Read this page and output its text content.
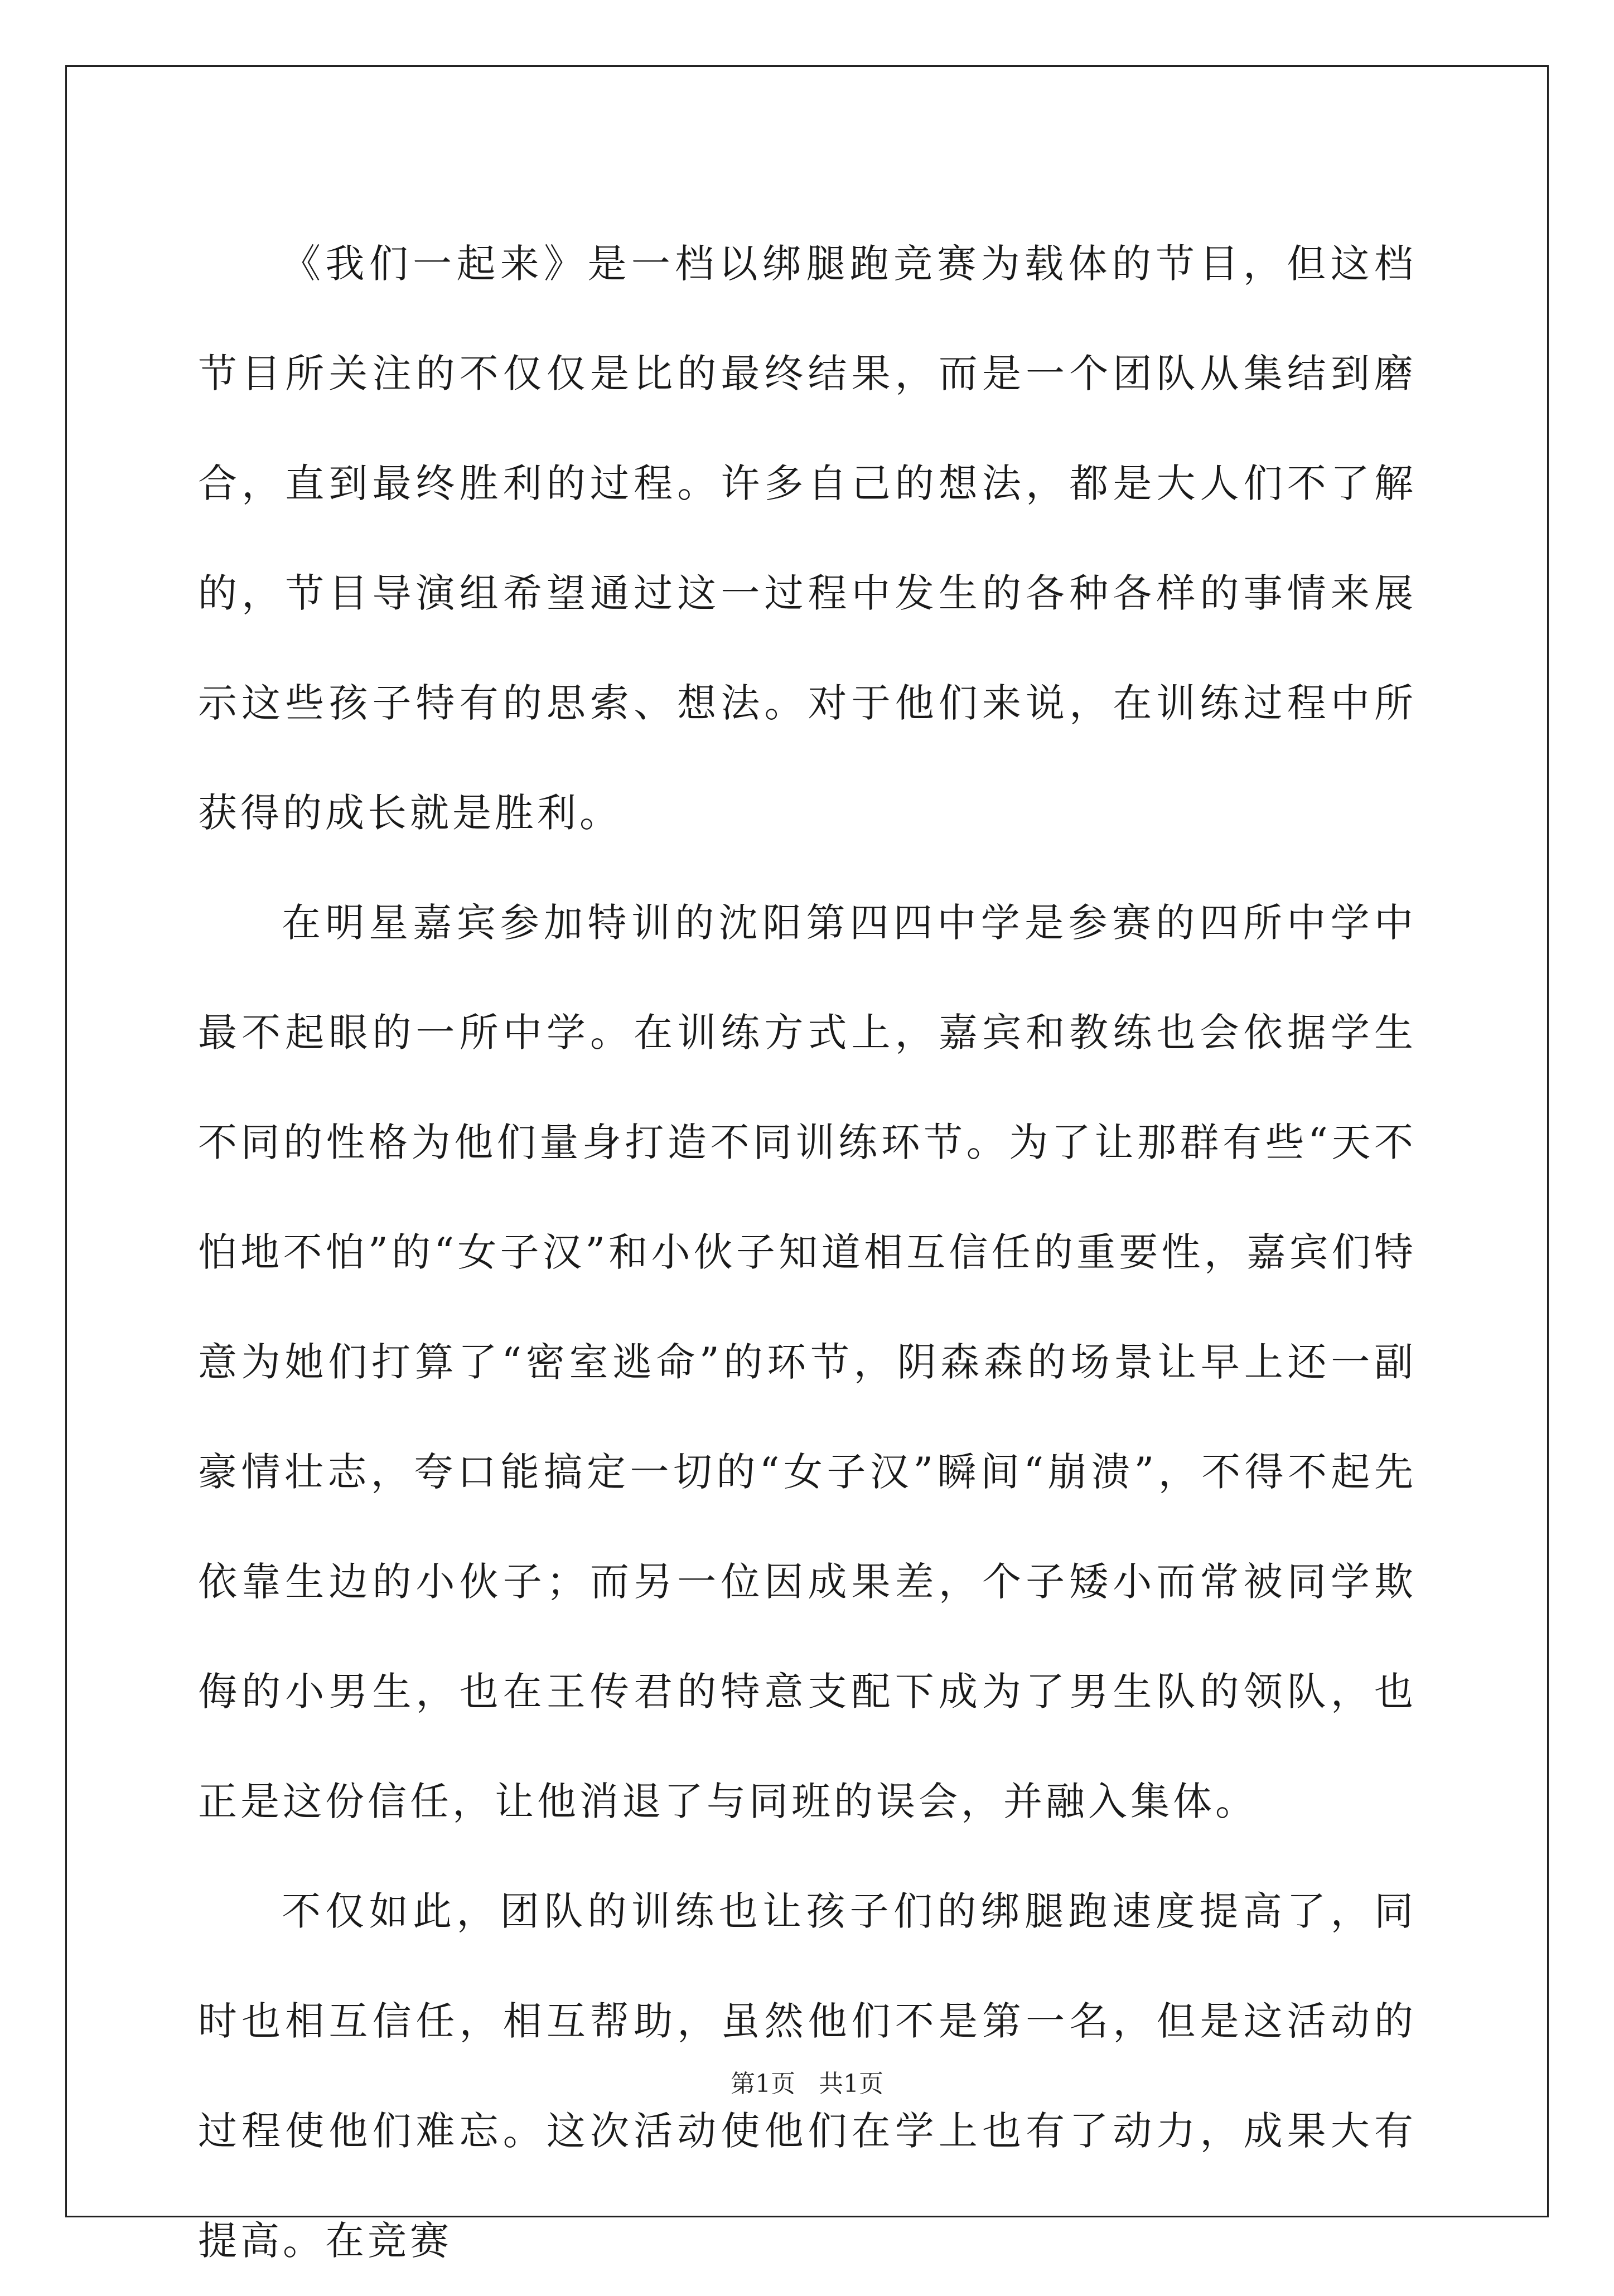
《我们一起来》是一档以绑腿跑竞赛为载体的节目，但这档节目所关注的不仅仅是比的最终结果，而是一个团队从集结到磨合，直到最终胜利的过程。许多自己的想法，都是大人们不了解的，节目导演组希望通过这一过程中发生的各种各样的事情来展示这些孩子特有的思索、想法。对于他们来说，在训练过程中所获得的成长就是胜利。

在明星嘉宾参加特训的沈阳第四四中学是参赛的四所中学中最不起眼的一所中学。在训练方式上，嘉宾和教练也会依据学生不同的性格为他们量身打造不同训练环节。为了让那群有些“天不怕地不怕”的“女子汉”和小伙子知道相互信任的重要性，嘉宾们特意为她们打算了“密室逃命”的环节，阴森森的场景让早上还一副豪情壮志，夸口能搞定一切的“女子汉”瞬间“崩溃”，不得不起先依靠生边的小伙子；而另一位因成果差，个子矮小而常被同学欺侮的小男生，也在王传君的特意支配下成为了男生队的领队，也正是这份信任，让他消退了与同班的误会，并融入集体。

不仅如此，团队的训练也让孩子们的绑腿跑速度提高了，同时也相互信任，相互帮助，虽然他们不是第一名，但是这活动的过程使他们难忘。这次活动使他们在学上也有了动力，成果大有提高。在竞赛

第1页 共1页
